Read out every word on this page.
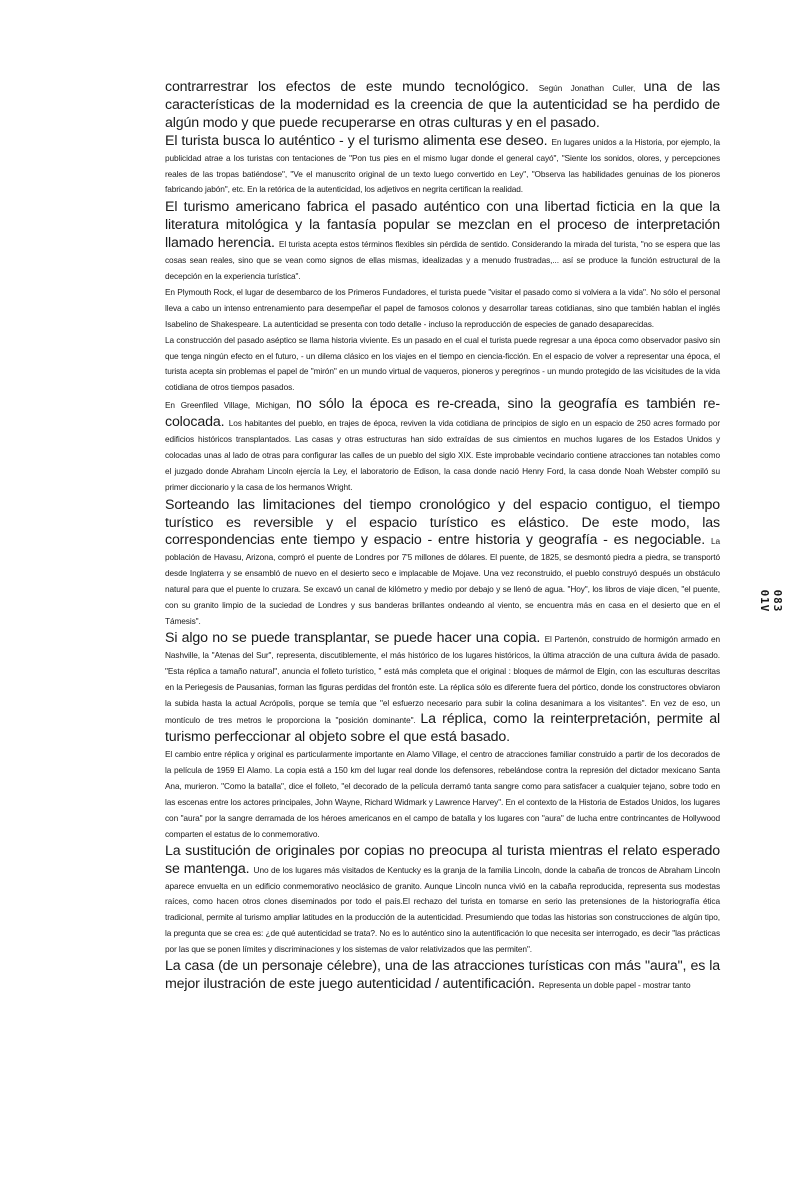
contrarrestrar los efectos de este mundo tecnológico. Según Jonathan Culler, una de las características de la modernidad es la creencia de que la autenticidad se ha perdido de algún modo y que puede recuperarse en otras culturas y en el pasado.

El turista busca lo auténtico - y el turismo alimenta ese deseo. En lugares unidos a la Historia, por ejemplo, la publicidad atrae a los turistas con tentaciones de "Pon tus pies en el mismo lugar donde el general cayó", "Siente los sonidos, olores, y percepciones reales de las tropas batiéndose", "Ve el manuscrito original de un texto luego convertido en Ley", "Observa las habilidades genuinas de los pioneros fabricando jabón", etc. En la retórica de la autenticidad, los adjetivos en negrita certifican la realidad.

El turismo americano fabrica el pasado auténtico con una libertad ficticia en la que la literatura mitológica y la fantasía popular se mezclan en el proceso de interpretación llamado herencia. El turista acepta estos términos flexibles sin pérdida de sentido. Considerando la mirada del turista, "no se espera que las cosas sean reales, sino que se vean como signos de ellas mismas, idealizadas y a menudo frustradas,... así se produce la función estructural de la decepción en la experiencia turística".

En Plymouth Rock, el lugar de desembarco de los Primeros Fundadores, el turista puede "visitar el pasado como si volviera a la vida". No sólo el personal lleva a cabo un intenso entrenamiento para desempeñar el papel de famosos colonos y desarrollar tareas cotidianas, sino que también hablan el inglés Isabelino de Shakespeare. La autenticidad se presenta con todo detalle - incluso la reproducción de especies de ganado desaparecidas.

La construcción del pasado aséptico se llama historia viviente. Es un pasado en el cual el turista puede regresar a una época como observador pasivo sin que tenga ningún efecto en el futuro, - un dilema clásico en los viajes en el tiempo en ciencia-ficción. En el espacio de volver a representar una época, el turista acepta sin problemas el papel de "mirón" en un mundo virtual de vaqueros, pioneros y peregrinos - un mundo protegido de las vicisitudes de la vida cotidiana de otros tiempos pasados.

En Greenfiled Village, Michigan, no sólo la época es re-creada, sino la geografía es también re-colocada. Los habitantes del pueblo, en trajes de época, reviven la vida cotidiana de principios de siglo en un espacio de 250 acres formado por edificios históricos transplantados. Las casas y otras estructuras han sido extraídas de sus cimientos en muchos lugares de los Estados Unidos y colocadas unas al lado de otras para configurar las calles de un pueblo del siglo XIX. Este improbable vecindario contiene atracciones tan notables como el juzgado donde Abraham Lincoln ejercía la Ley, el laboratorio de Edison, la casa donde nació Henry Ford, la casa donde Noah Webster compiló su primer diccionario y la casa de los hermanos Wright.

Sorteando las limitaciones del tiempo cronológico y del espacio contiguo, el tiempo turístico es reversible y el espacio turístico es elástico. De este modo, las correspondencias ente tiempo y espacio - entre historia y geografía - es negociable. La población de Havasu, Arizona, compró el puente de Londres por 7'5 millones de dólares. El puente, de 1825, se desmontó piedra a piedra, se transportó desde Inglaterra y se ensambló de nuevo en el desierto seco e implacable de Mojave. Una vez reconstruido, el pueblo construyó después un obstáculo natural para que el puente lo cruzara. Se excavó un canal de kilómetro y medio por debajo y se llenó de agua. "Hoy", los libros de viaje dicen, "el puente, con su granito limpio de la suciedad de Londres y sus banderas brillantes ondeando al viento, se encuentra más en casa en el desierto que en el Támesis".

Si algo no se puede transplantar, se puede hacer una copia. El Partenón, construido de hormigón armado en Nashville, la "Atenas del Sur", representa, discutiblemente, el más histórico de los lugares históricos, la última atracción de una cultura ávida de pasado. "Esta réplica a tamaño natural", anuncia el folleto turístico, " está más completa que el original : bloques de mármol de Elgin, con las esculturas descritas en la Periegesis de Pausanias, forman las figuras perdidas del frontón este. La réplica sólo es diferente fuera del pórtico, donde los constructores obviaron la subida hasta la actual Acrópolis, porque se temía que "el esfuerzo necesario para subir la colina desanimara a los visitantes". En vez de eso, un montículo de tres metros le proporciona la "posición dominante". La réplica, como la reinterpretación, permite al turismo perfeccionar al objeto sobre el que está basado.

El cambio entre réplica y original es particularmente importante en Alamo Village, el centro de atracciones familiar construido a partir de los decorados de la película de 1959 El Alamo. La copia está a 150 km del lugar real donde los defensores, rebelándose contra la represión del dictador mexicano Santa Ana, murieron. "Como la batalla", dice el folleto, "el decorado de la película derramó tanta sangre como para satisfacer a cualquier tejano, sobre todo en las escenas entre los actores principales, John Wayne, Richard Widmark y Lawrence Harvey". En el contexto de la Historia de Estados Unidos, los lugares con "aura" por la sangre derramada de los héroes americanos en el campo de batalla y los lugares con "aura" de lucha entre contrincantes de Hollywood comparten el estatus de lo conmemorativo.

La sustitución de originales por copias no preocupa al turista mientras el relato esperado se mantenga. Uno de los lugares más visitados de Kentucky es la granja de la familia Lincoln, donde la cabaña de troncos de Abraham Lincoln aparece envuelta en un edificio conmemorativo neoclásico de granito. Aunque Lincoln nunca vivió en la cabaña reproducida, representa sus modestas raíces, como hacen otros clones diseminados por todo el país.El rechazo del turista en tomarse en serio las pretensiones de la historiografía ética tradicional, permite al turismo ampliar latitudes en la producción de la autenticidad. Presumiendo que todas las historias son construcciones de algún tipo, la pregunta que se crea es: ¿de qué autenticidad se trata?. No es lo auténtico sino la autentificación lo que necesita ser interrogado, es decir "las prácticas por las que se ponen límites y discriminaciones y los sistemas de valor relativizados que las permiten".

La casa (de un personaje célebre), una de las atracciones turísticas con más "aura", es la mejor ilustración de este juego autenticidad / autentificación. Representa un doble papel - mostrar tanto

01V 083
